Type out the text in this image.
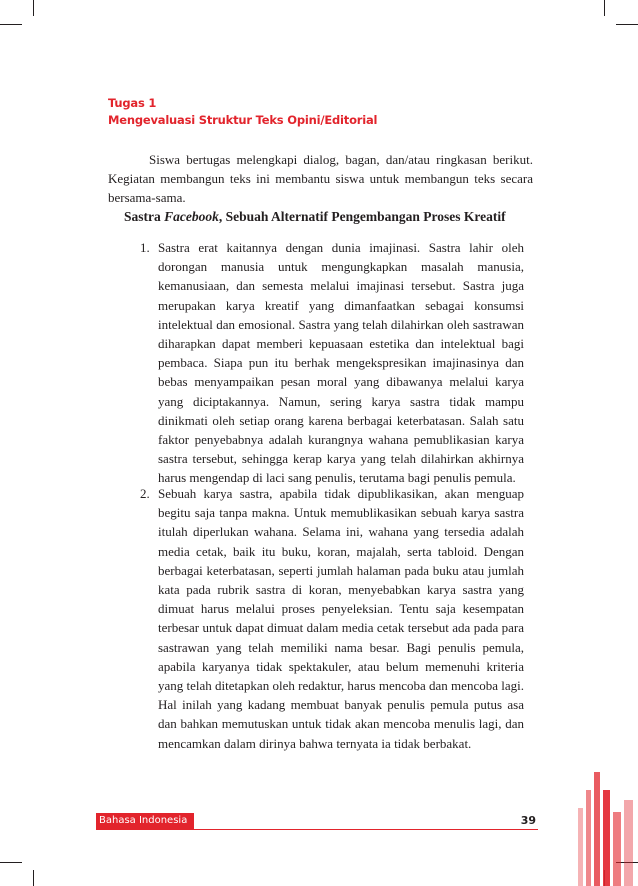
Tugas 1
Mengevaluasi Struktur Teks Opini/Editorial
Siswa bertugas melengkapi dialog, bagan, dan/atau ringkasan berikut. Kegiatan membangun teks ini membantu siswa untuk membangun teks secara bersama-sama.
Sastra Facebook, Sebuah Alternatif Pengembangan Proses Kreatif
1. Sastra erat kaitannya dengan dunia imajinasi. Sastra lahir oleh dorongan manusia untuk mengungkapkan masalah manusia, kemanusiaan, dan semesta melalui imajinasi tersebut. Sastra juga merupakan karya kreatif yang dimanfaatkan sebagai konsumsi intelektual dan emosional. Sastra yang telah dilahirkan oleh sastrawan diharapkan dapat memberi kepuasaan estetika dan intelektual bagi pembaca. Siapa pun itu berhak mengekspresikan imajinasinya dan bebas menyampaikan pesan moral yang dibawanya melalui karya yang diciptakannya. Namun, sering karya sastra tidak mampu dinikmati oleh setiap orang karena berbagai keterbatasan. Salah satu faktor penyebabnya adalah kurangnya wahana pemublikasian karya sastra tersebut, sehingga kerap karya yang telah dilahirkan akhirnya harus mengendap di laci sang penulis, terutama bagi penulis pemula.
2. Sebuah karya sastra, apabila tidak dipublikasikan, akan menguap begitu saja tanpa makna. Untuk memublikasikan sebuah karya sastra itulah diperlukan wahana. Selama ini, wahana yang tersedia adalah media cetak, baik itu buku, koran, majalah, serta tabloid. Dengan berbagai keterbatasan, seperti jumlah halaman pada buku atau jumlah kata pada rubrik sastra di koran, menyebabkan karya sastra yang dimuat harus melalui proses penyeleksian. Tentu saja kesempatan terbesar untuk dapat dimuat dalam media cetak tersebut ada pada para sastrawan yang telah memiliki nama besar. Bagi penulis pemula, apabila karyanya tidak spektakuler, atau belum memenuhi kriteria yang telah ditetapkan oleh redaktur, harus mencoba dan mencoba lagi. Hal inilah yang kadang membuat banyak penulis pemula putus asa dan bahkan memutuskan untuk tidak akan mencoba menulis lagi, dan mencamkan dalam dirinya bahwa ternyata ia tidak berbakat.
Bahasa Indonesia	39
